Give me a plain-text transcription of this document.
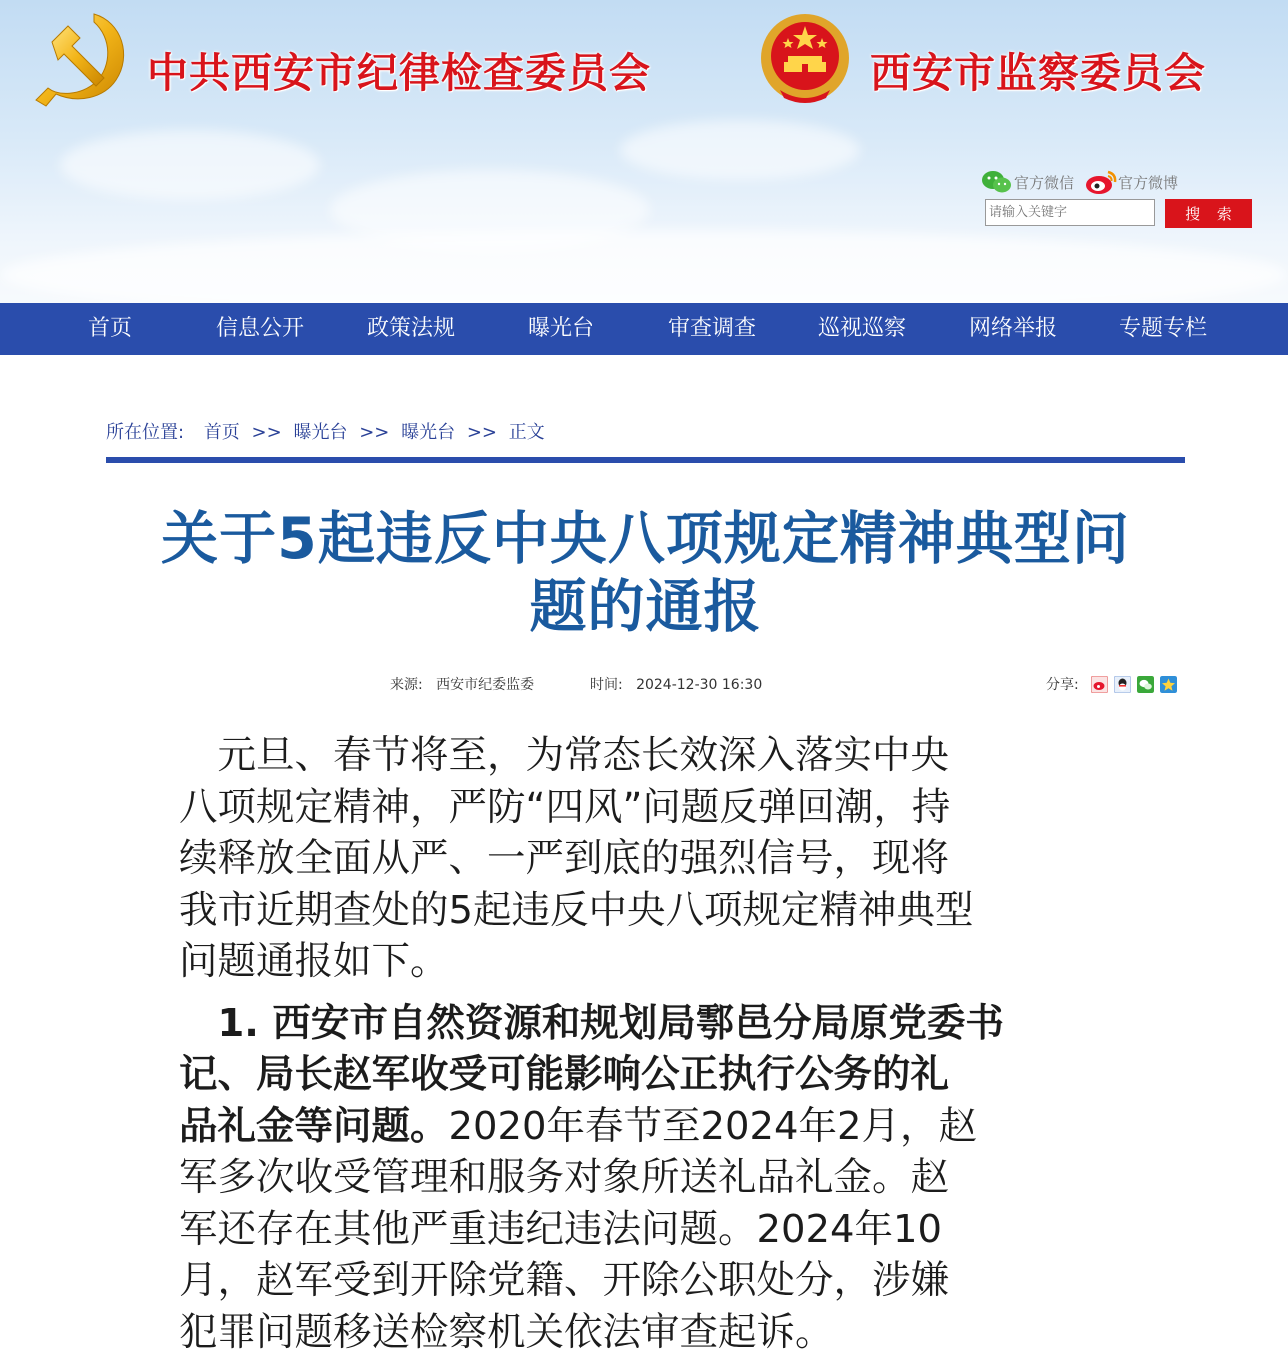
中共西安市纪律检查委员会	西安市监察委员会
官方微信	官方微博
请输入关键字
搜 索
首页	信息公开	政策法规	曝光台	审查调查	巡视巡察	网络举报	专题专栏
所在位置: 首页 >> 曝光台 >> 曝光台 >> 正文
关于5起违反中央八项规定精神典型问
题的通报
来源: 西安市纪委监委	时间: 2024-12-30 16:30	分享:

　元旦、春节将至，为常态长效深入落实中央
八项规定精神，严防“四风”问题反弹回潮，持
续释放全面从严、一严到底的强烈信号，现将
我市近期查处的5起违反中央八项规定精神典型
问题通报如下。

　1. 西安市自然资源和规划局鄠邑分局原党委书
记、局长赵军收受可能影响公正执行公务的礼
品礼金等问题。2020年春节至2024年2月，赵
军多次收受管理和服务对象所送礼品礼金。赵
军还存在其他严重违纪违法问题。2024年10
月，赵军受到开除党籍、开除公职处分，涉嫌
犯罪问题移送检察机关依法审查起诉。
